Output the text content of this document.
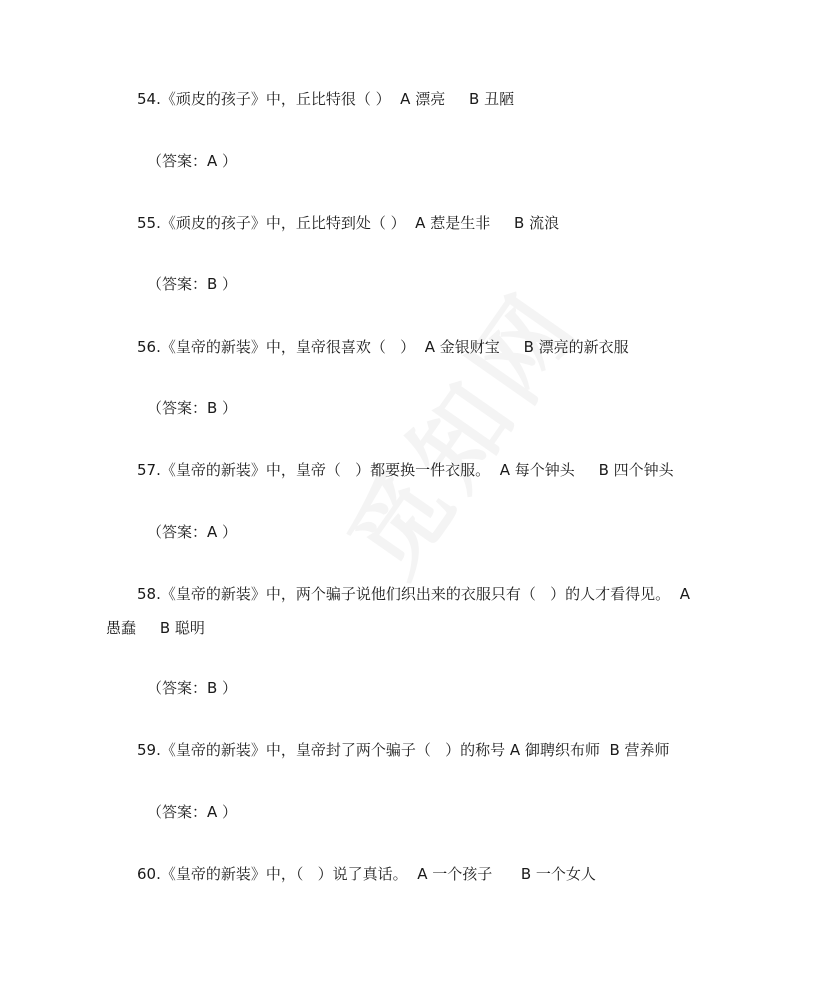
54.《顽皮的孩子》中，丘比特很（ ）  A 漂亮     B 丑陋
（答案：A ）
55.《顽皮的孩子》中，丘比特到处（ ）  A 惹是生非     B 流浪
（答案：B ）
56.《皇帝的新装》中，皇帝很喜欢（   ）  A 金银财宝     B 漂亮的新衣服
（答案：B ）
57.《皇帝的新装》中，皇帝（   ）都要换一件衣服。  A 每个钟头     B 四个钟头
（答案：A ）
58.《皇帝的新装》中，两个骗子说他们织出来的衣服只有（   ）的人才看得见。  A
愚蠢     B 聪明
（答案：B ）
59.《皇帝的新装》中，皇帝封了两个骗子（   ）的称号 A 御聘织布师  B 营养师
（答案：A ）
60.《皇帝的新装》中，（   ）说了真话。  A 一个孩子      B 一个女人
